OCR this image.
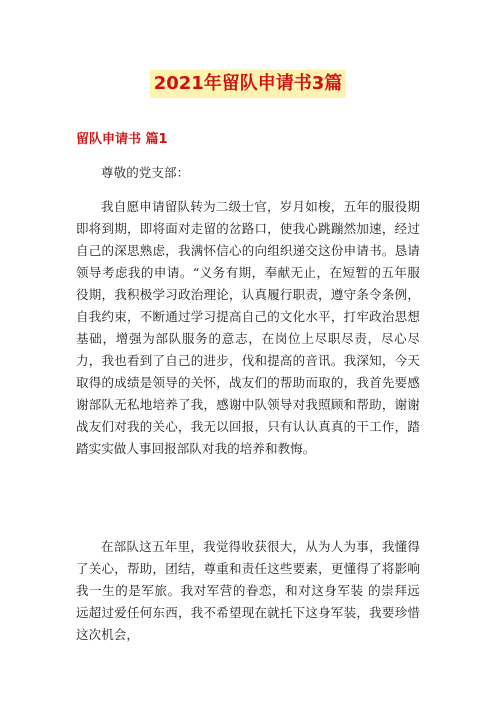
2021年留队申请书3篇
留队申请书 篇1
尊敬的党支部：
我自愿申请留队转为二级士官，岁月如梭，五年的服役期即将到期，即将面对走留的岔路口，使我心跳蹦然加速，经过自己的深思熟虑，我满怀信心的向组织递交这份申请书。恳请领导考虑我的申请。“义务有期，奉献无止，在短暂的五年服役期，我积极学习政治理论，认真履行职责，遵守条令条例，自我约束，不断通过学习提高自己的文化水平，打牢政治思想基础，增强为部队服务的意志，在岗位上尽职尽责，尽心尽力，我也看到了自己的进步，伐和提高的音讯。我深知，今天取得的成绩是领导的关怀，战友们的帮助而取的，我首先要感谢部队无私地培养了我，感谢中队领导对我照顾和帮助，谢谢战友们对我的关心，我无以回报，只有认认真真的干工作，踏踏实实做人事回报部队对我的培养和教悔。
在部队这五年里，我觉得收获很大，从为人为事，我懂得了关心，帮助，团结，尊重和责任这些要素，更懂得了将影响我一生的是军旅。我对军营的眷恋，和对这身军装 的崇拜远远超过爱任何东西，我不希望现在就托下这身军装，我要珍惜这次机会，
